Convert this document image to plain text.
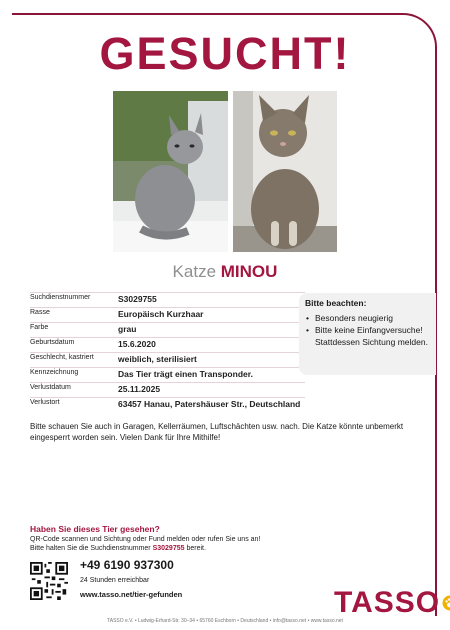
GESUCHT!
Katze MINOU
Suchdienstnummer	S3029755
Rasse	Europäisch Kurzhaar
Farbe	grau
Geburtsdatum	15.6.2020
Geschlecht, kastriert	weiblich, sterilisiert
Kennzeichnung	Das Tier trägt einen Transponder.
Verlustdatum	25.11.2025
Verlustort	63457 Hanau, Patershäuser Str., Deutschland
Bitte beachten:
• Besonders neugierig
• Bitte keine Einfangversuche!
Stattdessen Sichtung melden.
Bitte schauen Sie auch in Garagen, Kellerräumen, Luftschächten usw. nach. Die Katze könnte unbemerkt eingesperrt worden sein. Vielen Dank für Ihre Mithilfe!
Haben Sie dieses Tier gesehen?
QR-Code scannen und Sichtung oder Fund melden oder rufen Sie uns an!
Bitte halten Sie die Suchdienstnummer S3029755 bereit.
+49 6190 937300
24 Stunden erreichbar
www.tasso.net/tier-gefunden	TASSO
TASSO e.V. • Ludwig-Erhard-Str. 30–34 • 65760 Eschborn • Deutschland • info@tasso.net • www.tasso.net
